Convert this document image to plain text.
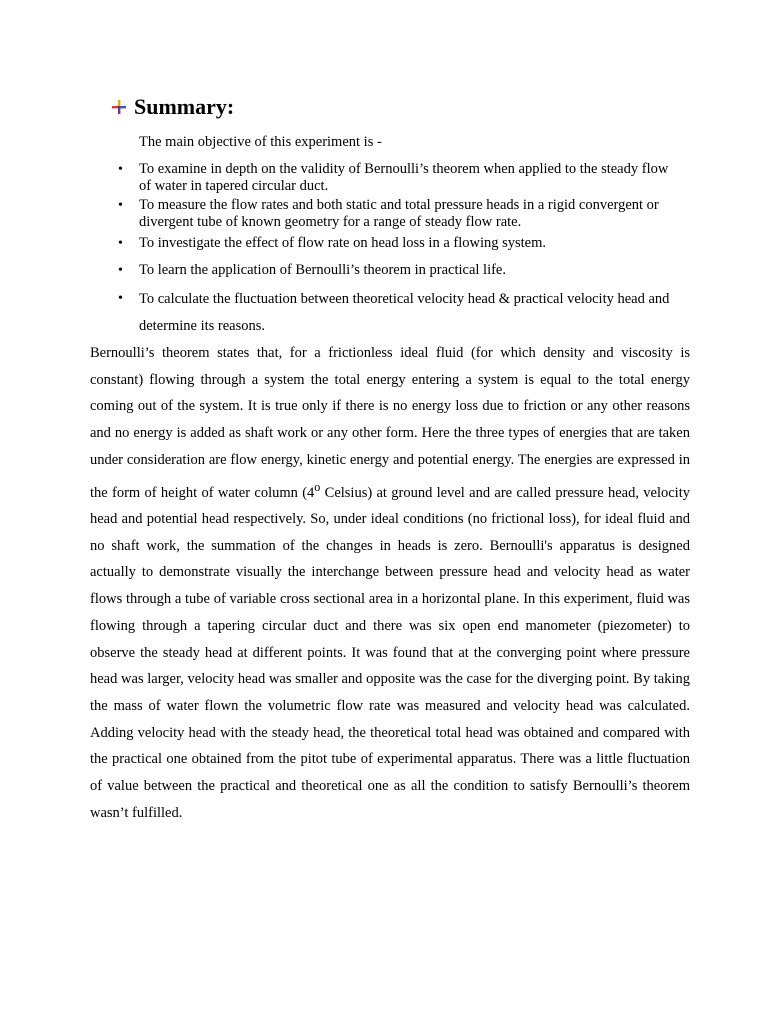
Summary:
The main objective of this experiment is -
• To examine in depth on the validity of Bernoulli’s theorem when applied to the steady flow of water in tapered circular duct.
• To measure the flow rates and both static and total pressure heads in a rigid convergent or divergent tube of known geometry for a range of steady flow rate.
• To investigate the effect of flow rate on head loss in a flowing system.
• To learn the application of Bernoulli’s theorem in practical life.
• To calculate the fluctuation between theoretical velocity head & practical velocity head and determine its reasons.

Bernoulli’s theorem states that, for a frictionless ideal fluid (for which density and viscosity is constant) flowing through a system the total energy entering a system is equal to the total energy coming out of the system. It is true only if there is no energy loss due to friction or any other reasons and no energy is added as shaft work or any other form. Here the three types of energies that are taken under consideration are flow energy, kinetic energy and potential energy. The energies are expressed in the form of height of water column (4$^o$ Celsius) at ground level and are called pressure head, velocity head and potential head respectively. So, under ideal conditions (no frictional loss), for ideal fluid and no shaft work, the summation of the changes in heads is zero. Bernoulli's apparatus is designed actually to demonstrate visually the interchange between pressure head and velocity head as water flows through a tube of variable cross sectional area in a horizontal plane. In this experiment, fluid was flowing through a tapering circular duct and there was six open end manometer (piezometer) to observe the steady head at different points. It was found that at the converging point where pressure head was larger, velocity head was smaller and opposite was the case for the diverging point. By taking the mass of water flown the volumetric flow rate was measured and velocity head was calculated. Adding velocity head with the steady head, the theoretical total head was obtained and compared with the practical one obtained from the pitot tube of experimental apparatus. There was a little fluctuation of value between the practical and theoretical one as all the condition to satisfy Bernoulli’s theorem wasn’t fulfilled.
